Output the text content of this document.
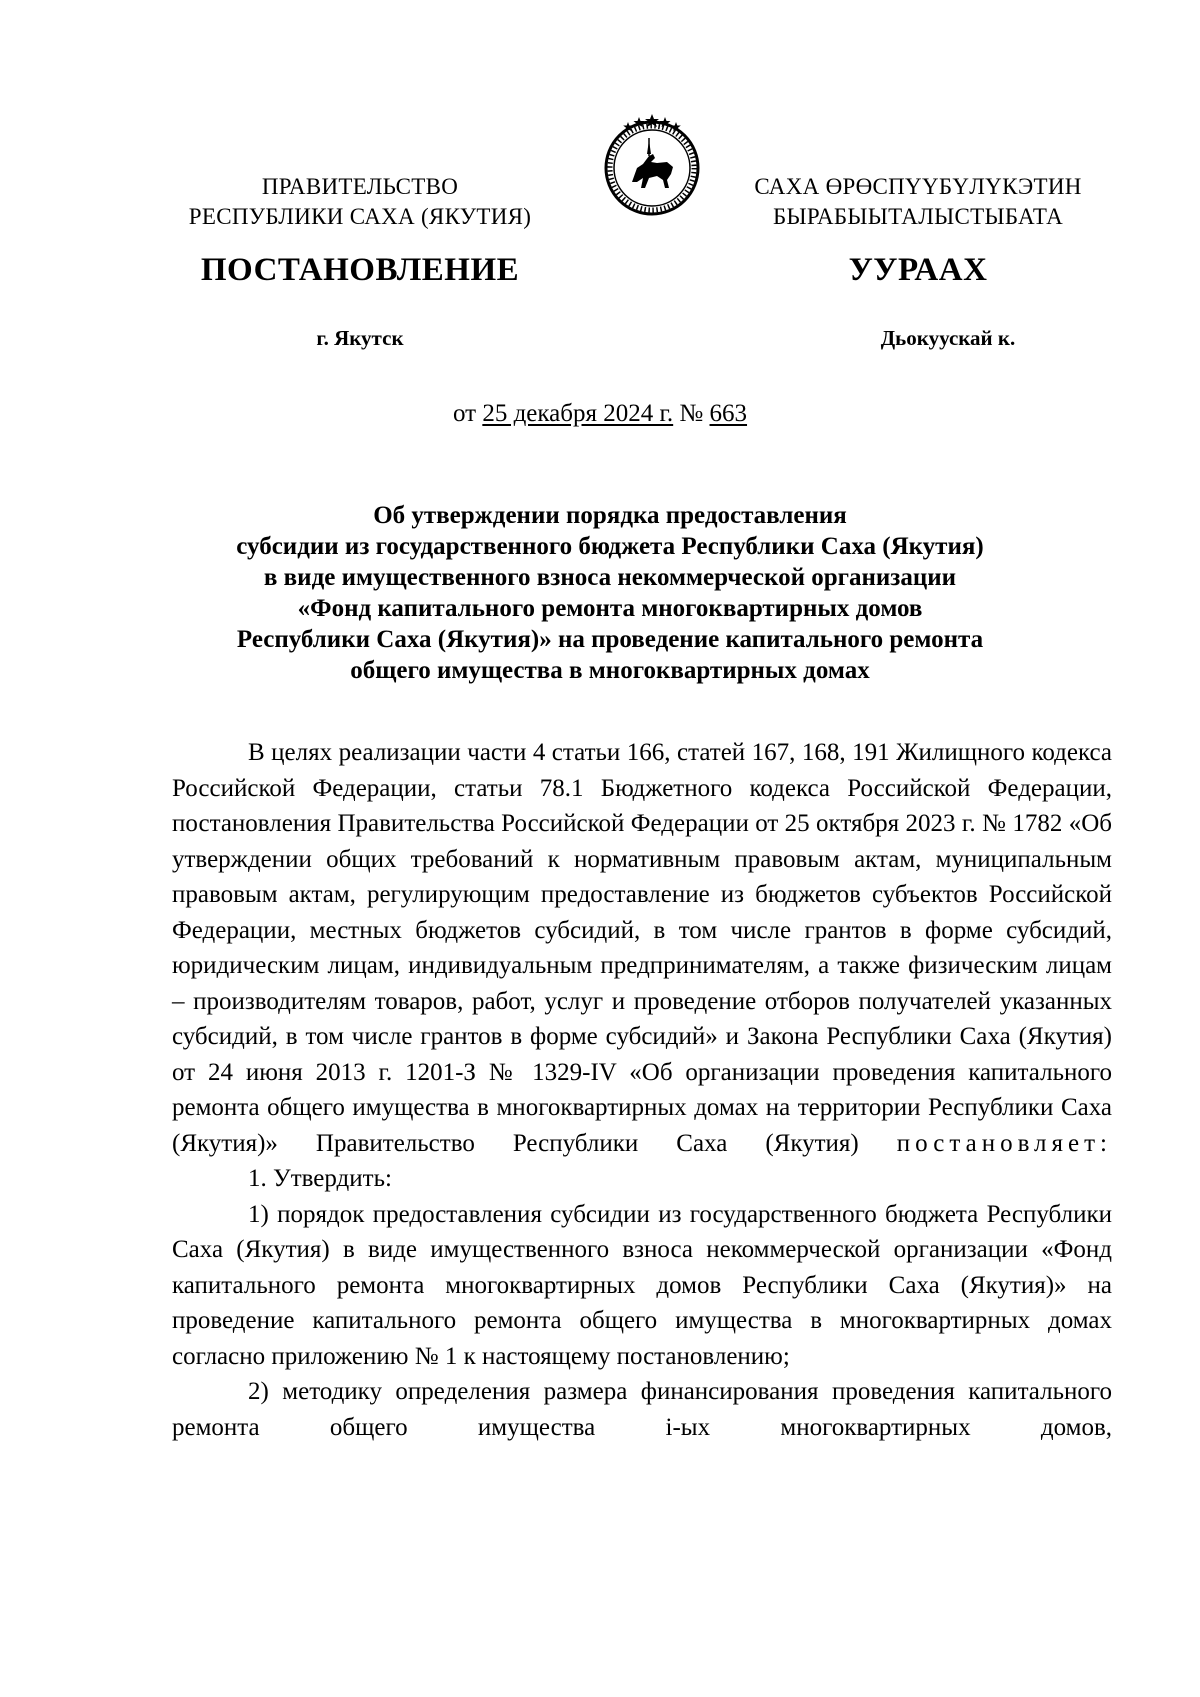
ПРАВИТЕЛЬСТВО
РЕСПУБЛИКИ САХА (ЯКУТИЯ)
САХА ӨРӨСПҮҮБҮЛҮКЭТИН
БЫРАБЫЫТАЛЫСТЫБАТА
ПОСТАНОВЛЕНИЕ	УУРААХ
г. Якутск	Дьокуускай к.
от 25 декабря 2024 г. № 663
Об утверждении порядка предоставления
субсидии из государственного бюджета Республики Саха (Якутия)
в виде имущественного взноса некоммерческой организации
«Фонд капитального ремонта многоквартирных домов
Республики Саха (Якутия)» на проведение капитального ремонта
общего имущества в многоквартирных домах

В целях реализации части 4 статьи 166, статей 167, 168, 191 Жилищного кодекса Российской Федерации, статьи 78.1 Бюджетного кодекса Российской Федерации, постановления Правительства Российской Федерации от 25 октября 2023 г. № 1782 «Об утверждении общих требований к нормативным правовым актам, муниципальным правовым актам, регулирующим предоставление из бюджетов субъектов Российской Федерации, местных бюджетов субсидий, в том числе грантов в форме субсидий, юридическим лицам, индивидуальным предпринимателям, а также физическим лицам – производителям товаров, работ, услуг и проведение отборов получателей указанных субсидий, в том числе грантов в форме субсидий» и Закона Республики Саха (Якутия) от 24 июня 2013 г. 1201-З № 1329-IV «Об организации проведения капитального ремонта общего имущества в многоквартирных домах на территории Республики Саха (Якутия)» Правительство Республики Саха (Якутия) постановляет:

1. Утвердить:

1) порядок предоставления субсидии из государственного бюджета Республики Саха (Якутия) в виде имущественного взноса некоммерческой организации «Фонд капитального ремонта многоквартирных домов Республики Саха (Якутия)» на проведение капитального ремонта общего имущества в многоквартирных домах согласно приложению № 1 к настоящему постановлению;

2) методику определения размера финансирования проведения капитального ремонта общего имущества i-ых многоквартирных домов,
